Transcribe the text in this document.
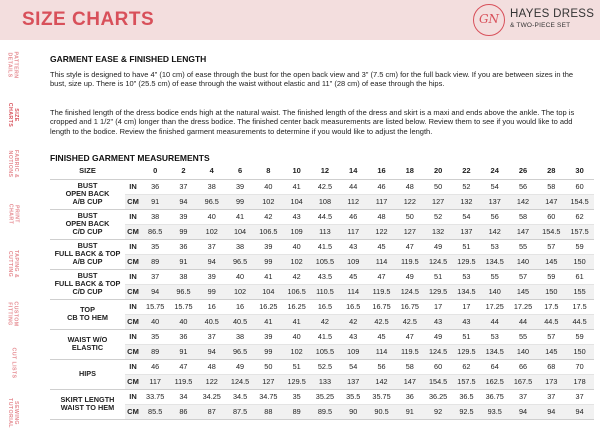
SIZE CHARTS	GN HAYES DRESS
& TWO-PIECE SET
PATTERN
DETAILS
SIZE
CHARTS
FABRIC &
NOTIONS
PRINT
CHART
TAPING &
CUTTING
CUSTOM
FITTING
CUT LISTS
SEWING
TUTORIAL
GARMENT EASE & FINISHED LENGTH
This style is designed to have 4" (10 cm) of ease through the bust for the open back view and 3" (7.5 cm) for the full back view. If you are between sizes in the bust, size up. There is 10" (25.5 cm) of ease through the waist without elastic and 11" (28 cm) of ease through the hips.
The finished length of the dress bodice ends high at the natural waist. The finished length of the dress and skirt is a maxi and ends above the ankle. The top is cropped and 1 1/2" (4 cm) longer than the dress bodice. The finished center back measurements are listed below. Review them to see if you would like to add length to the bodice. Review the finished garment measurements to determine if you would like to adjust the length.
FINISHED GARMENT MEASUREMENTS
SIZE		0	2	4	6	8	10	12	14	16	18	20	22	24	26	28	30
BUST
OPEN BACK
A/B CUP	IN	36	37	38	39	40	41	42.5	44	46	48	50	52	54	56	58	60
	CM	91	94	96.5	99	102	104	108	112	117	122	127	132	137	142	147	154.5
BUST
OPEN BACK
C/D CUP	IN	38	39	40	41	42	43	44.5	46	48	50	52	54	56	58	60	62
	CM	86.5	99	102	104	106.5	109	113	117	122	127	132	137	142	147	154.5	157.5
BUST
FULL BACK & TOP
A/B CUP	IN	35	36	37	38	39	40	41.5	43	45	47	49	51	53	55	57	59
	CM	89	91	94	96.5	99	102	105.5	109	114	119.5	124.5	129.5	134.5	140	145	150
BUST
FULL BACK & TOP
C/D CUP	IN	37	38	39	40	41	42	43.5	45	47	49	51	53	55	57	59	61
	CM	94	96.5	99	102	104	106.5	110.5	114	119.5	124.5	129.5	134.5	140	145	150	155
TOP
CB TO HEM	IN	15.75	15.75	16	16	16.25	16.25	16.5	16.5	16.75	16.75	17	17	17.25	17.25	17.5	17.5
	CM	40	40	40.5	40.5	41	41	42	42	42.5	42.5	43	43	44	44	44.5	44.5
WAIST W/O
ELASTIC	IN	35	36	37	38	39	40	41.5	43	45	47	49	51	53	55	57	59
	CM	89	91	94	96.5	99	102	105.5	109	114	119.5	124.5	129.5	134.5	140	145	150
HIPS	IN	46	47	48	49	50	51	52.5	54	56	58	60	62	64	66	68	70
	CM	117	119.5	122	124.5	127	129.5	133	137	142	147	154.5	157.5	162.5	167.5	173	178
SKIRT LENGTH
WAIST TO HEM	IN	33.75	34	34.25	34.5	34.75	35	35.25	35.5	35.75	36	36.25	36.5	36.75	37	37	37
	CM	85.5	86	87	87.5	88	89	89.5	90	90.5	91	92	92.5	93.5	94	94	94
